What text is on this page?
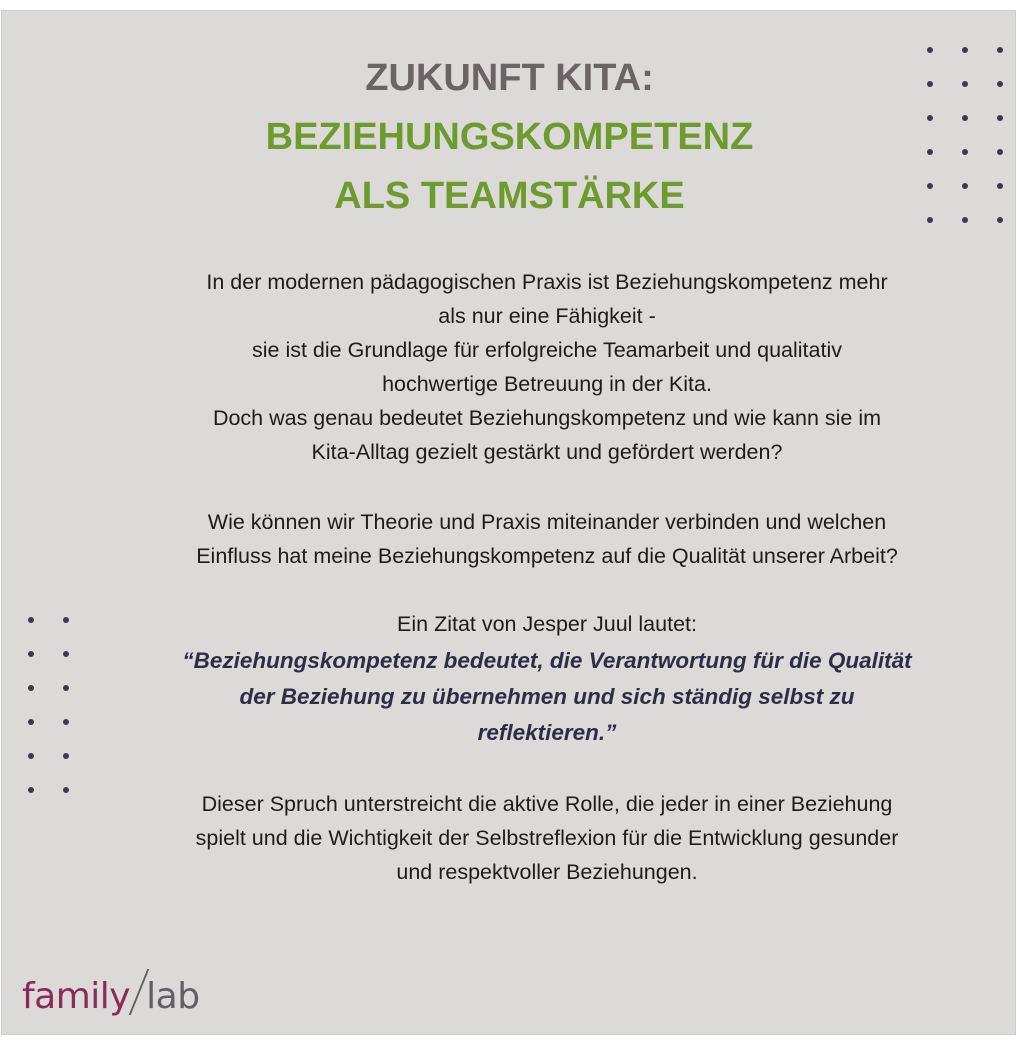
ZUKUNFT KITA:
BEZIEHUNGSKOMPETENZ
ALS TEAMSTÄRKE

In der modernen pädagogischen Praxis ist Beziehungskompetenz mehr

als nur eine Fähigkeit -

sie ist die Grundlage für erfolgreiche Teamarbeit und qualitativ

hochwertige Betreuung in der Kita.

Doch was genau bedeutet Beziehungskompetenz und wie kann sie im

Kita-Alltag gezielt gestärkt und gefördert werden?

Wie können wir Theorie und Praxis miteinander verbinden und welchen

Einfluss hat meine Beziehungskompetenz auf die Qualität unserer Arbeit?

Ein Zitat von Jesper Juul lautet:

“Beziehungskompetenz bedeutet, die Verantwortung für die Qualität

der Beziehung zu übernehmen und sich ständig selbst zu

reflektieren.”

Dieser Spruch unterstreicht die aktive Rolle, die jeder in einer Beziehung

spielt und die Wichtigkeit der Selbstreflexion für die Entwicklung gesunder

und respektvoller Beziehungen.

family lab
